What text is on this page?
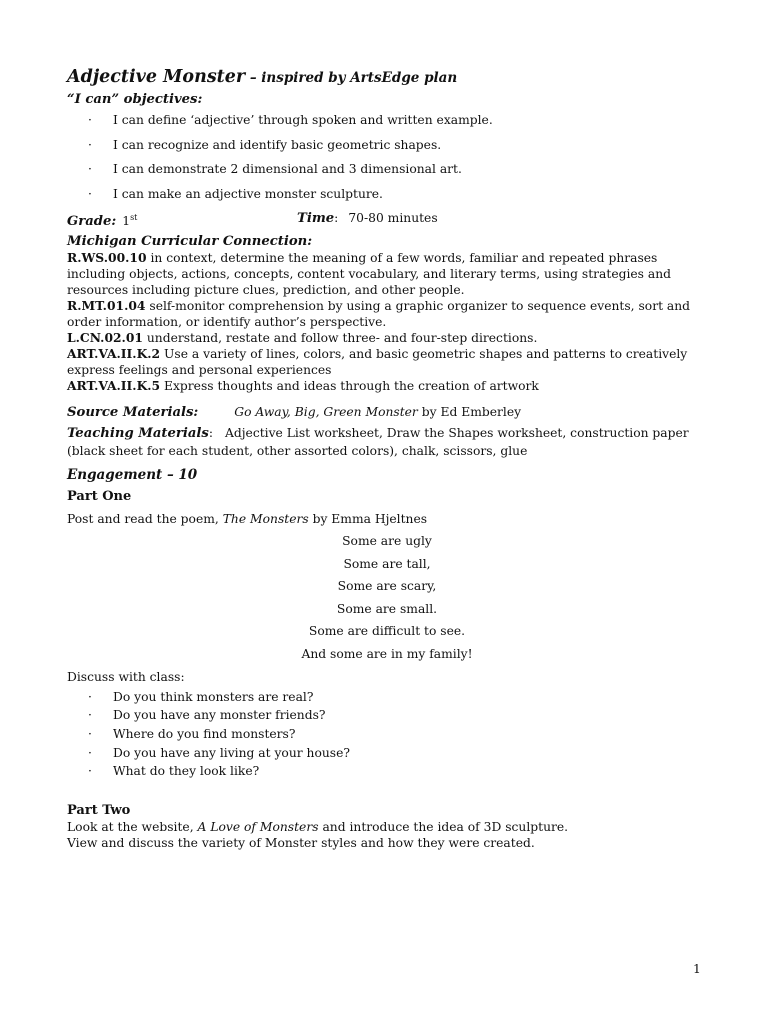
Adjective Monster – inspired by ArtsEdge plan
“I can” objectives:
· I can define ‘adjective’ through spoken and written example.
· I can recognize and identify basic geometric shapes.
· I can demonstrate 2 dimensional and 3 dimensional art.
· I can make an adjective monster sculpture.
Grade: 1st	Time: 70-80 minutes
Michigan Curricular Connection:

R.WS.00.10 in context, determine the meaning of a few words, familiar and repeated phrases including objects, actions, concepts, content vocabulary, and literary terms, using strategies and resources including picture clues, prediction, and other people.

R.MT.01.04 self-monitor comprehension by using a graphic organizer to sequence events, sort and order information, or identify author’s perspective.

L.CN.02.01 understand, restate and follow three- and four-step directions.

ART.VA.II.K.2 Use a variety of lines, colors, and basic geometric shapes and patterns to creatively express feelings and personal experiences

ART.VA.II.K.5 Express thoughts and ideas through the creation of artwork

Source Materials:	Go Away, Big, Green Monster by Ed Emberley
Teaching Materials: Adjective List worksheet, Draw the Shapes worksheet, construction paper (black sheet for each student, other assorted colors), chalk, scissors, glue
Engagement – 10
Part One
Post and read the poem, The Monsters by Emma Hjeltnes
Some are ugly
Some are tall,
Some are scary,
Some are small.
Some are difficult to see.
And some are in my family!
Discuss with class:
· Do you think monsters are real?
· Do you have any monster friends?
· Where do you find monsters?
· Do you have any living at your house?
· What do they look like?
Part Two
Look at the website, A Love of Monsters and introduce the idea of 3D sculpture.
View and discuss the variety of Monster styles and how they were created.
1
